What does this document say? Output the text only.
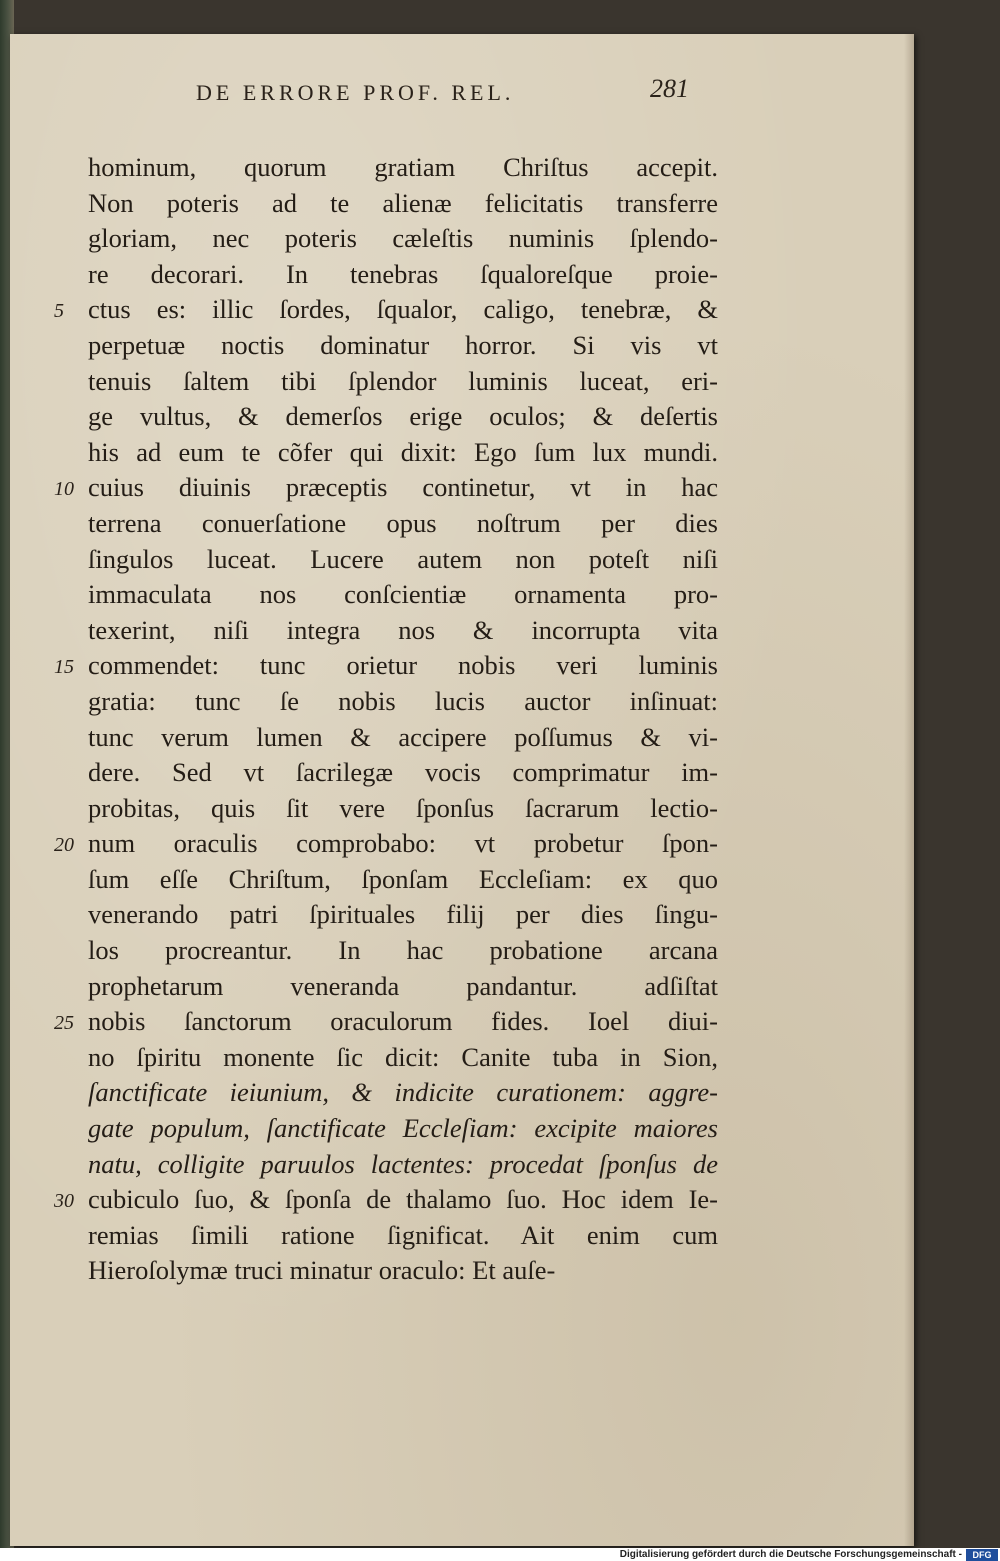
DE ERRORE PROF. REL.	281
hominum, quorum gratiam Chriſtus accepit.
Non poteris ad te alienæ felicitatis transferre
gloriam, nec poteris cæleſtis numinis ſplendo-
re decorari. In tenebras ſqualoreſque proie-
ctus es: illic ſordes, ſqualor, caligo, tenebræ, &
5
perpetuæ noctis dominatur horror. Si vis vt
tenuis ſaltem tibi ſplendor luminis luceat, eri-
ge vultus, & demerſos erige oculos; & deſertis
his ad eum te cõfer qui dixit: Ego ſum lux mundi.
cuius diuinis præceptis continetur, vt in hac
10
terrena conuerſatione opus noſtrum per dies
ſingulos luceat. Lucere autem non poteſt niſi
immaculata nos conſcientiæ ornamenta pro-
texerint, niſi integra nos & incorrupta vita
commendet: tunc orietur nobis veri luminis
15
gratia: tunc ſe nobis lucis auctor inſinuat:
tunc verum lumen & accipere poſſumus & vi-
dere. Sed vt ſacrilegæ vocis comprimatur im-
probitas, quis ſit vere ſponſus ſacrarum lectio-
num oraculis comprobabo: vt probetur ſpon-
20
ſum eſſe Chriſtum, ſponſam Eccleſiam: ex quo
venerando patri ſpirituales filij per dies ſingu-
los procreantur. In hac probatione arcana
prophetarum veneranda pandantur. adſiſtat
nobis ſanctorum oraculorum fides. Ioel diui-
25
no ſpiritu monente ſic dicit: Canite tuba in Sion,
ſanctificate ieiunium, & indicite curationem: aggre-
gate populum, ſanctificate Eccleſiam: excipite maiores
natu, colligite paruulos lactentes: procedat ſponſus de
cubiculo ſuo, & ſponſa de thalamo ſuo. Hoc idem Ie-
30
remias ſimili ratione ſignificat. Ait enim cum
Hieroſolymæ truci minatur oraculo: Et auſe-
Digitalisierung gefördert durch die Deutsche Forschungsgemeinschaft -	DFG
